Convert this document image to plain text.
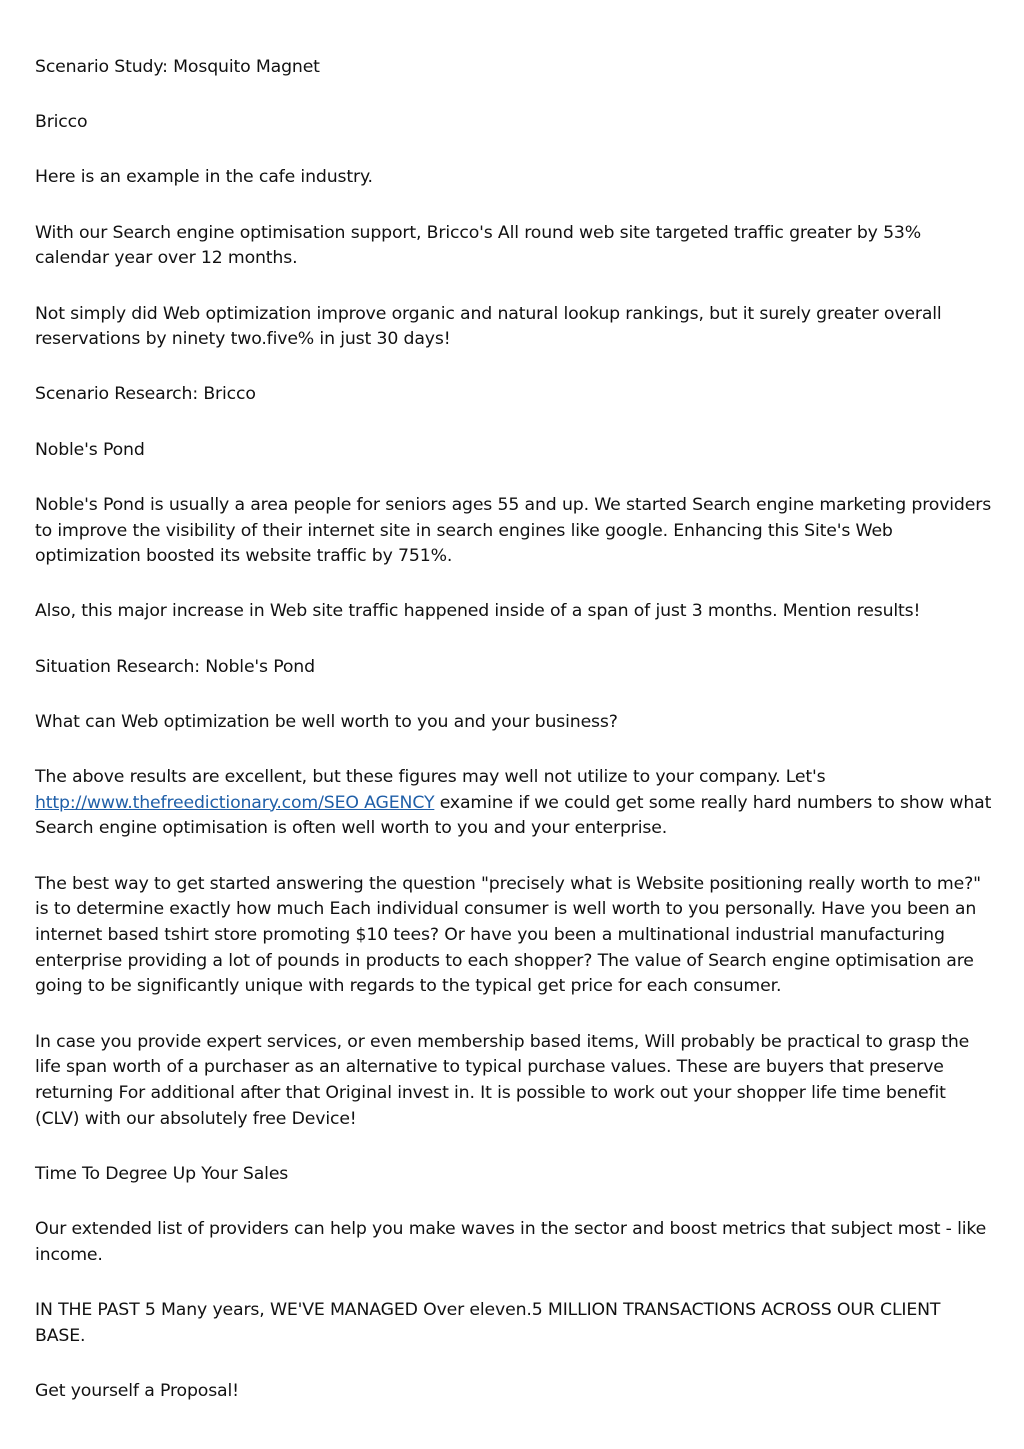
Scenario Study: Mosquito Magnet

Bricco

Here is an example in the cafe industry.

With our Search engine optimisation support, Bricco's All round web site targeted traffic greater by 53% calendar year over 12 months.

Not simply did Web optimization improve organic and natural lookup rankings, but it surely greater overall reservations by ninety two.five% in just 30 days!

Scenario Research: Bricco

Noble's Pond

Noble's Pond is usually a area people for seniors ages 55 and up. We started Search engine marketing providers to improve the visibility of their internet site in search engines like google. Enhancing this Site's Web optimization boosted its website traffic by 751%.

Also, this major increase in Web site traffic happened inside of a span of just 3 months. Mention results!

Situation Research: Noble's Pond

What can Web optimization be well worth to you and your business?

The above results are excellent, but these figures may well not utilize to your company. Let's http://www.thefreedictionary.com/SEO AGENCY examine if we could get some really hard numbers to show what Search engine optimisation is often well worth to you and your enterprise.

The best way to get started answering the question "precisely what is Website positioning really worth to me?" is to determine exactly how much Each individual consumer is well worth to you personally. Have you been an internet based tshirt store promoting $10 tees? Or have you been a multinational industrial manufacturing enterprise providing a lot of pounds in products to each shopper? The value of Search engine optimisation are going to be significantly unique with regards to the typical get price for each consumer.

In case you provide expert services, or even membership based items, Will probably be practical to grasp the life span worth of a purchaser as an alternative to typical purchase values. These are buyers that preserve returning For additional after that Original invest in. It is possible to work out your shopper life time benefit (CLV) with our absolutely free Device!

Time To Degree Up Your Sales

Our extended list of providers can help you make waves in the sector and boost metrics that subject most - like income.

IN THE PAST 5 Many years, WE'VE MANAGED Over eleven.5 MILLION TRANSACTIONS ACROSS OUR CLIENT BASE.

Get yourself a Proposal!
